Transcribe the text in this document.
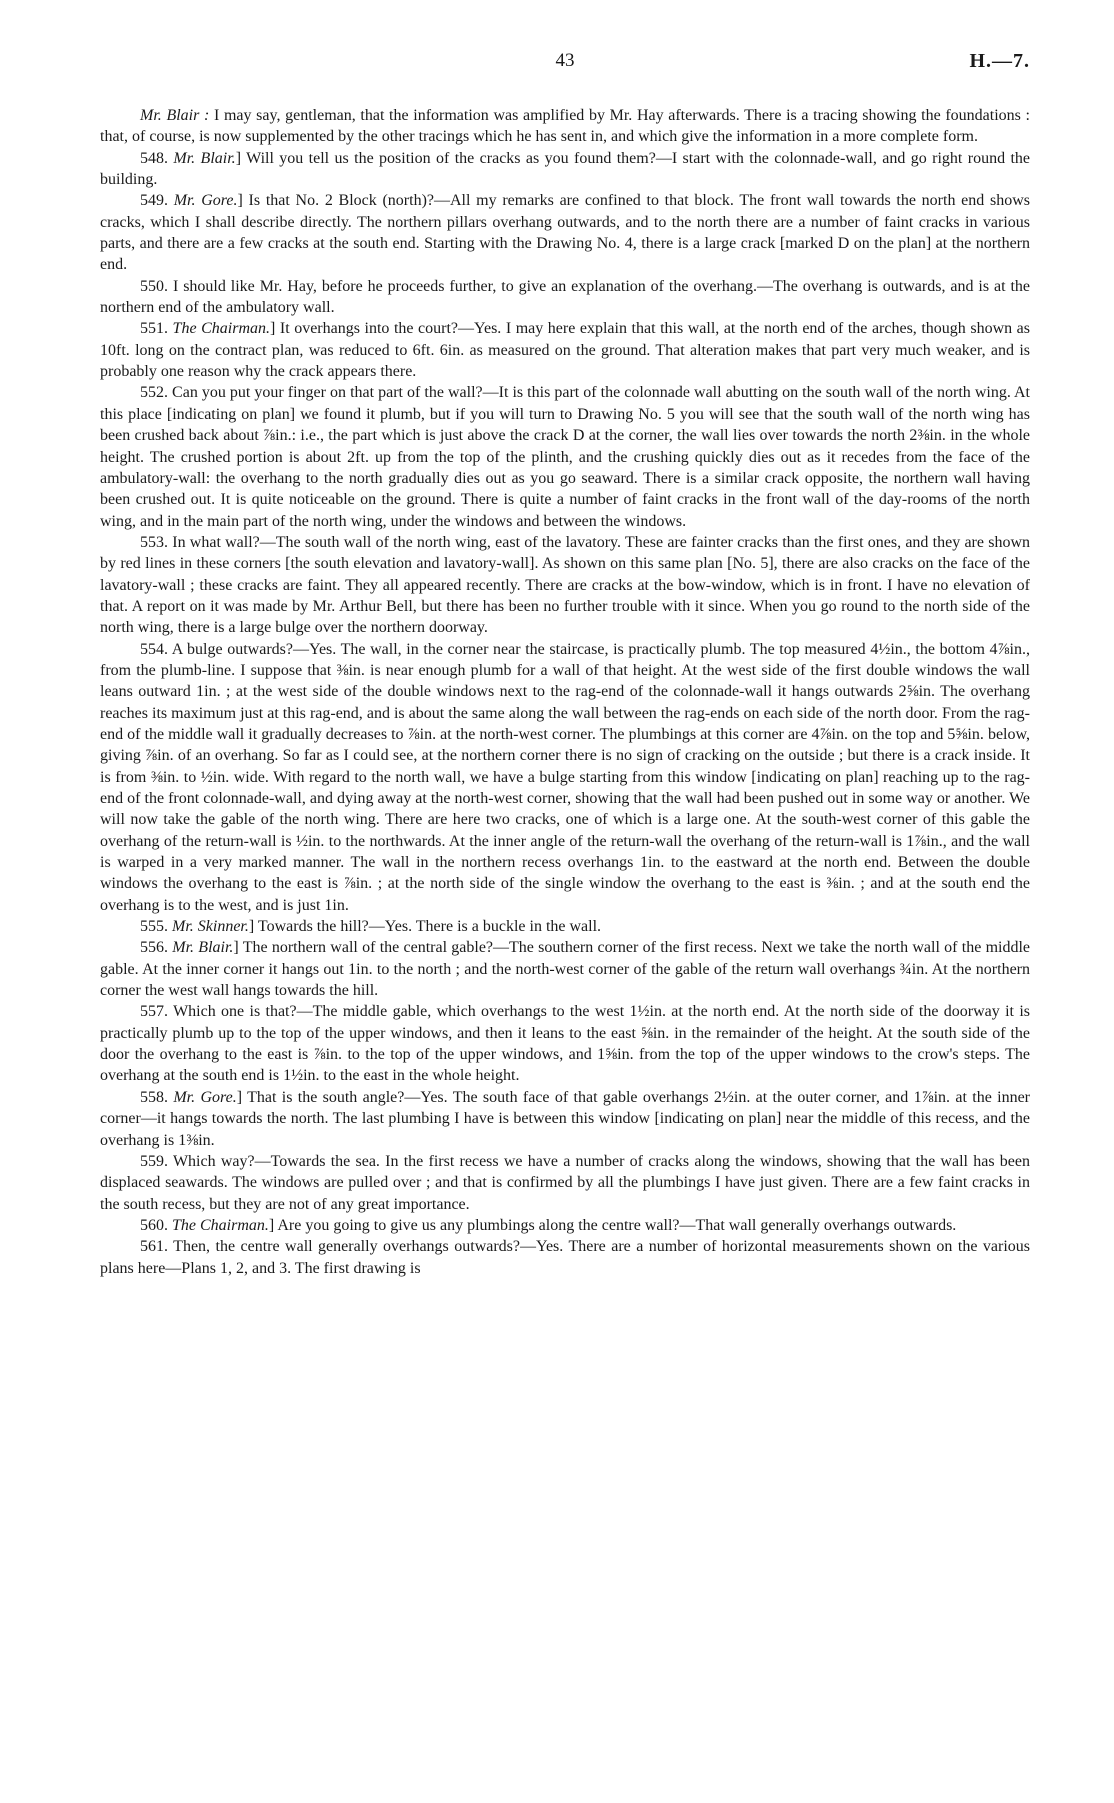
43	H.—7.

Mr. Blair : I may say, gentleman, that the information was amplified by Mr. Hay afterwards. There is a tracing showing the foundations : that, of course, is now supplemented by the other tracings which he has sent in, and which give the information in a more complete form.

548. Mr. Blair.] Will you tell us the position of the cracks as you found them?—I start with the colonnade-wall, and go right round the building.

549. Mr. Gore.] Is that No. 2 Block (north)?—All my remarks are confined to that block. The front wall towards the north end shows cracks, which I shall describe directly. The northern pillars overhang outwards, and to the north there are a number of faint cracks in various parts, and there are a few cracks at the south end. Starting with the Drawing No. 4, there is a large crack [marked D on the plan] at the northern end.

550. I should like Mr. Hay, before he proceeds further, to give an explanation of the overhang.—The overhang is outwards, and is at the northern end of the ambulatory wall.

551. The Chairman.] It overhangs into the court?—Yes. I may here explain that this wall, at the north end of the arches, though shown as 10ft. long on the contract plan, was reduced to 6ft. 6in. as measured on the ground. That alteration makes that part very much weaker, and is probably one reason why the crack appears there.

552. Can you put your finger on that part of the wall?—It is this part of the colonnade wall abutting on the south wall of the north wing. At this place [indicating on plan] we found it plumb, but if you will turn to Drawing No. 5 you will see that the south wall of the north wing has been crushed back about ⅞in.: i.e., the part which is just above the crack D at the corner, the wall lies over towards the north 2⅜in. in the whole height. The crushed portion is about 2ft. up from the top of the plinth, and the crushing quickly dies out as it recedes from the face of the ambulatory-wall: the overhang to the north gradually dies out as you go seaward. There is a similar crack opposite, the northern wall having been crushed out. It is quite noticeable on the ground. There is quite a number of faint cracks in the front wall of the day-rooms of the north wing, and in the main part of the north wing, under the windows and between the windows.

553. In what wall?—The south wall of the north wing, east of the lavatory. These are fainter cracks than the first ones, and they are shown by red lines in these corners [the south elevation and lavatory-wall]. As shown on this same plan [No. 5], there are also cracks on the face of the lavatory-wall ; these cracks are faint. They all appeared recently. There are cracks at the bow-window, which is in front. I have no elevation of that. A report on it was made by Mr. Arthur Bell, but there has been no further trouble with it since. When you go round to the north side of the north wing, there is a large bulge over the northern doorway.

554. A bulge outwards?—Yes. The wall, in the corner near the staircase, is practically plumb. The top measured 4½in., the bottom 4⅞in., from the plumb-line. I suppose that ⅜in. is near enough plumb for a wall of that height. At the west side of the first double windows the wall leans outward 1in. ; at the west side of the double windows next to the rag-end of the colonnade-wall it hangs outwards 2⅝in. The overhang reaches its maximum just at this rag-end, and is about the same along the wall between the rag-ends on each side of the north door. From the rag-end of the middle wall it gradually decreases to ⅞in. at the north-west corner. The plumbings at this corner are 4⅞in. on the top and 5⅝in. below, giving ⅞in. of an overhang. So far as I could see, at the northern corner there is no sign of cracking on the outside ; but there is a crack inside. It is from ⅜in. to ½in. wide. With regard to the north wall, we have a bulge starting from this window [indicating on plan] reaching up to the rag-end of the front colonnade-wall, and dying away at the north-west corner, showing that the wall had been pushed out in some way or another. We will now take the gable of the north wing. There are here two cracks, one of which is a large one. At the south-west corner of this gable the overhang of the return-wall is ½in. to the northwards. At the inner angle of the return-wall the overhang of the return-wall is 1⅞in., and the wall is warped in a very marked manner. The wall in the northern recess overhangs 1in. to the eastward at the north end. Between the double windows the overhang to the east is ⅞in. ; at the north side of the single window the overhang to the east is ⅜in. ; and at the south end the overhang is to the west, and is just 1in.

555. Mr. Skinner.] Towards the hill?—Yes. There is a buckle in the wall.

556. Mr. Blair.] The northern wall of the central gable?—The southern corner of the first recess. Next we take the north wall of the middle gable. At the inner corner it hangs out 1in. to the north ; and the north-west corner of the gable of the return wall overhangs ¾in. At the northern corner the west wall hangs towards the hill.

557. Which one is that?—The middle gable, which overhangs to the west 1½in. at the north end. At the north side of the doorway it is practically plumb up to the top of the upper windows, and then it leans to the east ⅝in. in the remainder of the height. At the south side of the door the overhang to the east is ⅞in. to the top of the upper windows, and 1⅝in. from the top of the upper windows to the crow's steps. The overhang at the south end is 1½in. to the east in the whole height.

558. Mr. Gore.] That is the south angle?—Yes. The south face of that gable overhangs 2½in. at the outer corner, and 1⅞in. at the inner corner—it hangs towards the north. The last plumbing I have is between this window [indicating on plan] near the middle of this recess, and the overhang is 1⅜in.

559. Which way?—Towards the sea. In the first recess we have a number of cracks along the windows, showing that the wall has been displaced seawards. The windows are pulled over ; and that is confirmed by all the plumbings I have just given. There are a few faint cracks in the south recess, but they are not of any great importance.

560. The Chairman.] Are you going to give us any plumbings along the centre wall?—That wall generally overhangs outwards.

561. Then, the centre wall generally overhangs outwards?—Yes. There are a number of horizontal measurements shown on the various plans here—Plans 1, 2, and 3. The first drawing is
